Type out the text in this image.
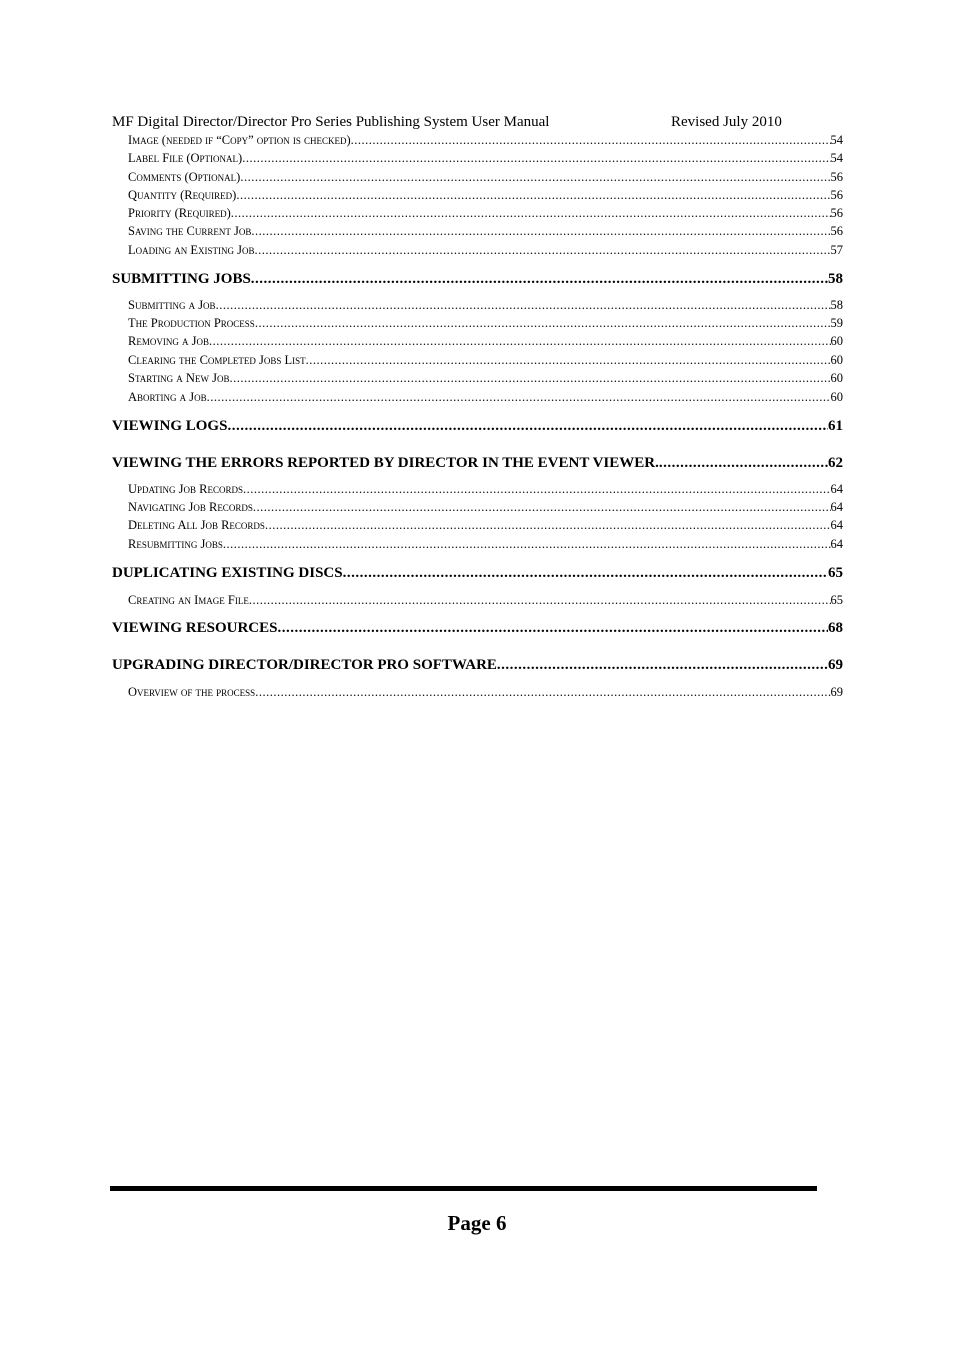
MF Digital Director/Director Pro Series Publishing System User Manual	Revised July 2010
Image (needed if “Copy” option is checked) .....	54
Label File (Optional) .....	54
Comments (Optional) .....	56
Quantity (Required) .....	56
Priority (Required) .....	56
Saving the Current Job .....	56
Loading an Existing Job .....	57
SUBMITTING JOBS .....	58
Submitting a Job .....	58
The Production Process .....	59
Removing a Job .....	60
Clearing the Completed Jobs List .....	60
Starting a New Job .....	60
Aborting a Job .....	60
VIEWING LOGS .....	61
VIEWING THE ERRORS REPORTED BY DIRECTOR IN THE EVENT VIEWER. .....	62
Updating Job Records .....	64
Navigating Job Records .....	64
Deleting All Job Records .....	64
Resubmitting Jobs .....	64
DUPLICATING EXISTING DISCS .....	65
Creating an Image File .....	65
VIEWING RESOURCES .....	68
UPGRADING DIRECTOR/DIRECTOR PRO SOFTWARE .....	69
Overview of the process .....	69
Page 6
